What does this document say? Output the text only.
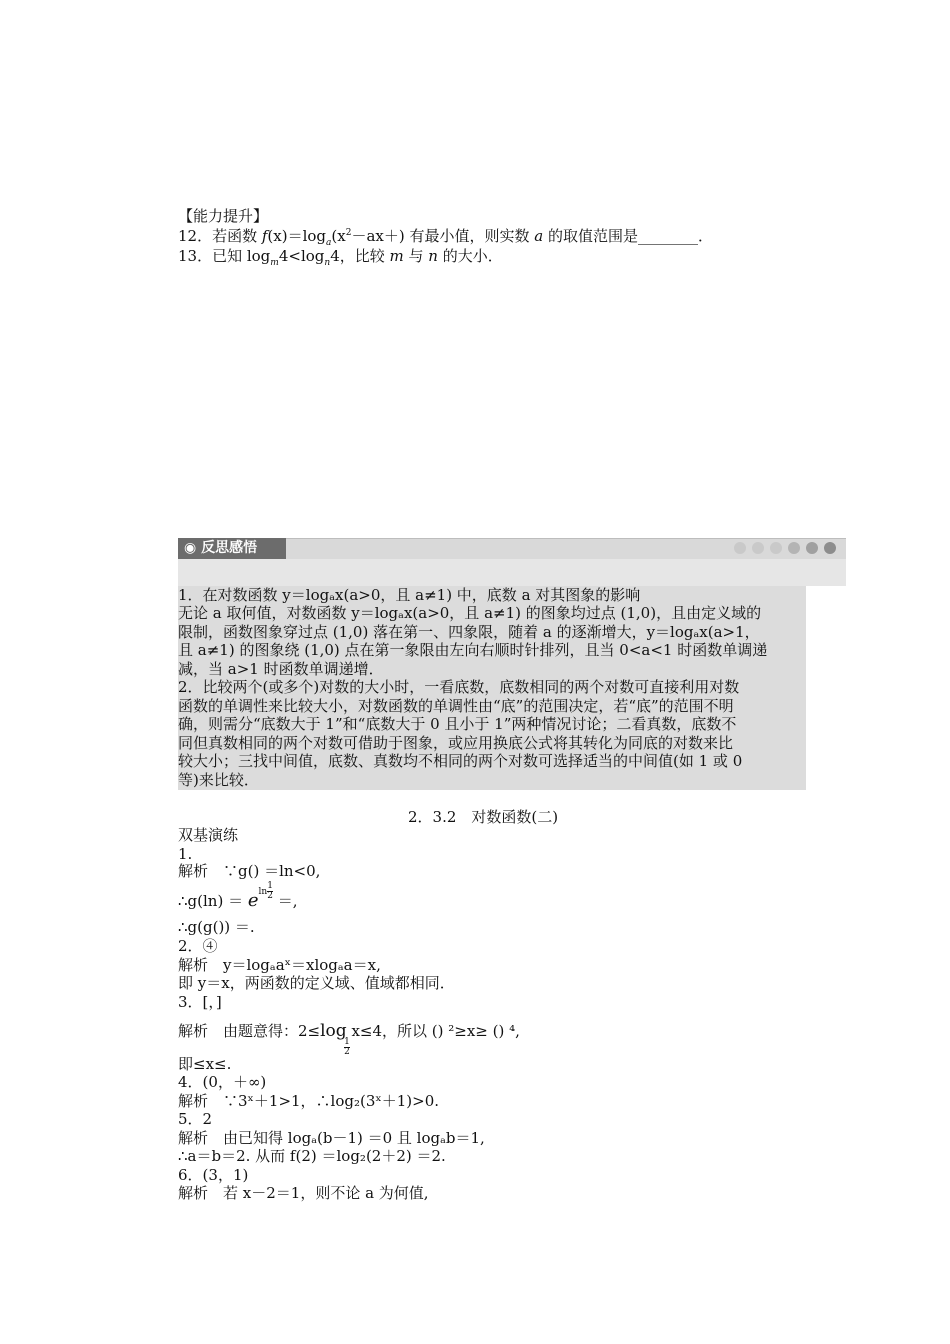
【能力提升】
12．若函数 $f(x)=\log_a(x^2-ax+)$ 有最小值，则实数 a 的取值范围是________．
13．已知 $\log_m4<\log_n4$，比较 m 与 n 的大小．
◉ 反思感悟
1．在对数函数 y＝logₐx(a>0，且 a≠1) 中，底数 a 对其图象的影响
无论 a 取何值，对数函数 y＝logₐx(a>0，且 a≠1) 的图象均过点 (1,0)，且由定义域的
限制，函数图象穿过点 (1,0) 落在第一、四象限，随着 a 的逐渐增大，y＝logₐx(a>1，
且 a≠1) 的图象绕 (1,0) 点在第一象限由左向右顺时针排列，且当 0<a<1 时函数单调递
减，当 a>1 时函数单调递增．
2．比较两个(或多个)对数的大小时，一看底数，底数相同的两个对数可直接利用对数
函数的单调性来比较大小，对数函数的单调性由“底”的范围决定，若“底”的范围不明
确，则需分“底数大于 1”和“底数大于 0 且小于 1”两种情况讨论；二看真数，底数不
同但真数相同的两个对数可借助于图象，或应用换底公式将其转化为同底的对数来比
较大小；三找中间值，底数、真数均不相同的两个对数可选择适当的中间值(如 1 或 0
等)来比较．
2．3.2　对数函数(二)
双基演练
1.
解析　∵g() ＝ln<0,
∴g(ln) ＝ $e^{ln \frac{1}{2}}$ ＝,
∴g(g()) ＝.
2．④
解析　y＝logₐaˣ＝xlogₐa＝x,
即 y＝x，两函数的定义域、值域都相同．
3．[，]
解析　由题意得：2≤log
$\frac{1}{2}$
x≤4，所以 () ²≥x≥ () ⁴,
即≤x≤.
4．(0，＋∞)
解析　∵3ˣ＋1>1，∴log₂(3ˣ＋1)>0.
5．2
解析　由已知得 logₐ(b－1) ＝0 且 logₐb＝1,
∴a＝b＝2. 从而 f(2) ＝log₂(2＋2) ＝2.
6．(3，1)
解析　若 x－2＝1，则不论 a 为何值,
